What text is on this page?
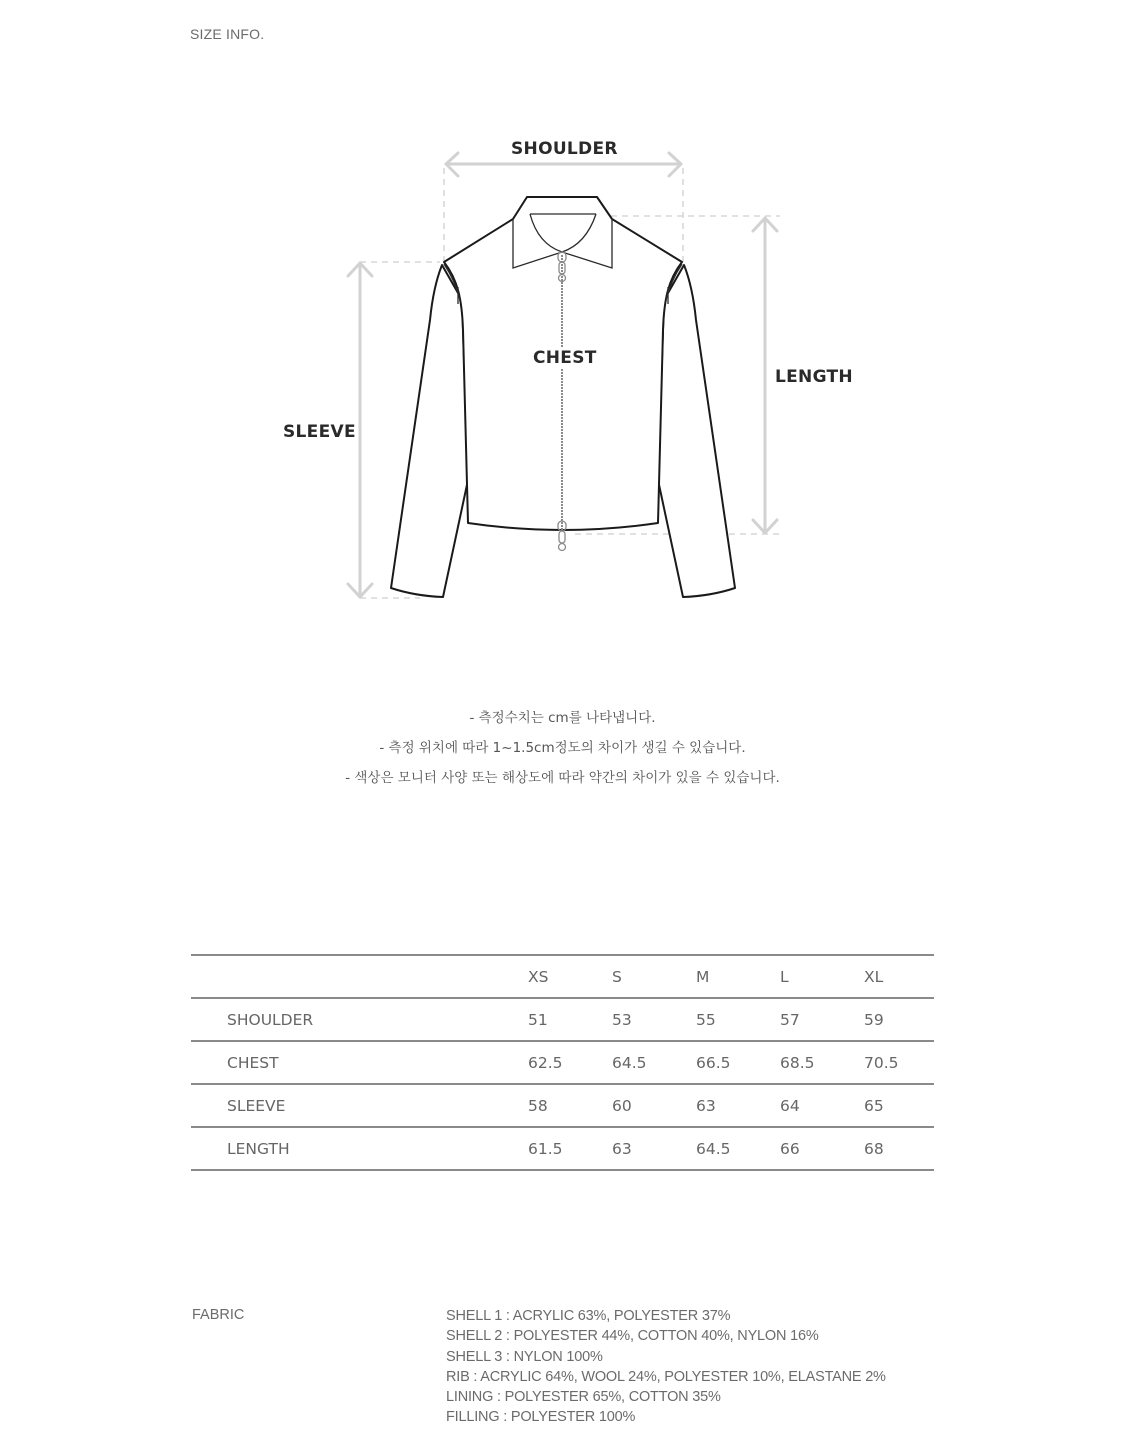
SIZE INFO.
SHOULDER
CHEST
LENGTH
SLEEVE
- 측정수치는 cm를 나타냅니다.
- 측정 위치에 따라 1~1.5cm정도의 차이가 생길 수 있습니다.
- 색상은 모니터 사양 또는 해상도에 따라 약간의 차이가 있을 수 있습니다.
	XS	S	M	L	XL
SHOULDER	51	53	55	57	59
CHEST	62.5	64.5	66.5	68.5	70.5
SLEEVE	58	60	63	64	65
LENGTH	61.5	63	64.5	66	68
FABRIC	SHELL 1 : ACRYLIC 63%, POLYESTER 37%
SHELL 2 : POLYESTER 44%, COTTON 40%, NYLON 16%
SHELL 3 : NYLON 100%
RIB : ACRYLIC 64%, WOOL 24%, POLYESTER 10%, ELASTANE 2%
LINING : POLYESTER 65%, COTTON 35%
FILLING : POLYESTER 100%
